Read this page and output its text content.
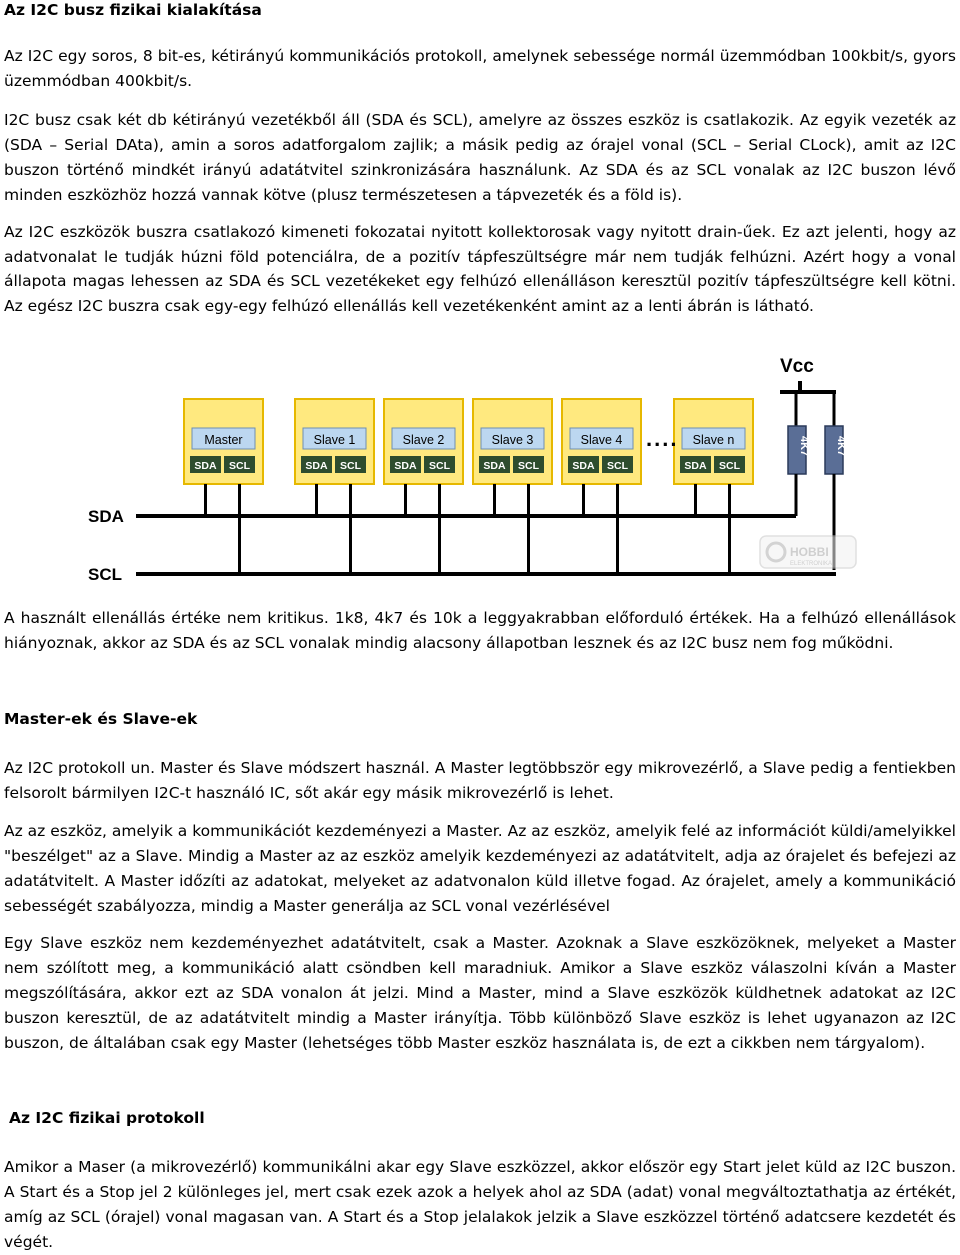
Az I2C busz fizikai kialakítása

Az I2C egy soros, 8 bit-es, kétirányú kommunikációs protokoll, amelynek sebessége normál üzemmódban 100kbit/s, gyors üzemmódban 400kbit/s.

I2C busz csak két db kétirányú vezetékből áll (SDA és SCL), amelyre az összes eszköz is csatlakozik. Az egyik vezeték az (SDA – Serial DAta), amin a soros adatforgalom zajlik; a másik pedig az órajel vonal (SCL – Serial CLock), amit az I2C buszon történő mindkét irányú adatátvitel szinkronizására használunk. Az SDA és az SCL vonalak az I2C buszon lévő minden eszközhöz hozzá vannak kötve (plusz természetesen a tápvezeték és a föld is).

Az I2C eszközök buszra csatlakozó kimeneti fokozatai nyitott kollektorosak vagy nyitott drain-űek. Ez azt jelenti, hogy az adatvonalat le tudják húzni föld potenciálra, de a pozitív tápfeszültségre már nem tudják felhúzni. Azért hogy a vonal állapota magas lehessen az SDA és SCL vezetékeket egy felhúzó ellenálláson keresztül pozitív tápfeszültségre kell kötni. Az egész I2C buszra csak egy-egy felhúzó ellenállás kell vezetékenként amint az a lenti ábrán is látható.

Vcc
4K7 4K7
SDA
SCL
Master
SDA SCL
Slave 1
SDA SCL
Slave 2
SDA SCL
Slave 3
SDA SCL
Slave 4
SDA SCL
Slave n
SDA SCL
....
HOBBI
ELEKTRONIKA

A használt ellenállás értéke nem kritikus. 1k8, 4k7 és 10k a leggyakrabban előforduló értékek. Ha a felhúzó ellenállások hiányoznak, akkor az SDA és az SCL vonalak mindig alacsony állapotban lesznek és az I2C busz nem fog működni.

Master-ek és Slave-ek

Az I2C protokoll un. Master és Slave módszert használ. A Master legtöbbször egy mikrovezérlő, a Slave pedig a fentiekben felsorolt bármilyen I2C-t használó IC, sőt akár egy másik mikrovezérlő is lehet.

Az az eszköz, amelyik a kommunikációt kezdeményezi a Master. Az az eszköz, amelyik felé az információt küldi/amelyikkel "beszélget" az a Slave. Mindig a Master az az eszköz amelyik kezdeményezi az adatátvitelt, adja az órajelet és befejezi az adatátvitelt. A Master időzíti az adatokat, melyeket az adatvonalon küld illetve fogad. Az órajelet, amely a kommunikáció sebességét szabályozza, mindig a Master generálja az SCL vonal vezérlésével

Egy Slave eszköz nem kezdeményezhet adatátvitelt, csak a Master. Azoknak a Slave eszközöknek, melyeket a Master nem szólított meg, a kommunikáció alatt csöndben kell maradniuk. Amikor a Slave eszköz válaszolni kíván a Master megszólítására, akkor ezt az SDA vonalon át jelzi. Mind a Master, mind a Slave eszközök küldhetnek adatokat az I2C buszon keresztül, de az adatátvitelt mindig a Master irányítja. Több különböző Slave eszköz is lehet ugyanazon az I2C buszon, de általában csak egy Master (lehetséges több Master eszköz használata is, de ezt a cikkben nem tárgyalom).

Az I2C fizikai protokoll

Amikor a Maser (a mikrovezérlő) kommunikálni akar egy Slave eszközzel, akkor először egy Start jelet küld az I2C buszon. A Start és a Stop jel 2 különleges jel, mert csak ezek azok a helyek ahol az SDA (adat) vonal megváltoztathatja az értékét, amíg az SCL (órajel) vonal magasan van. A Start és a Stop jelalakok jelzik a Slave eszközzel történő adatcsere kezdetét és végét.
